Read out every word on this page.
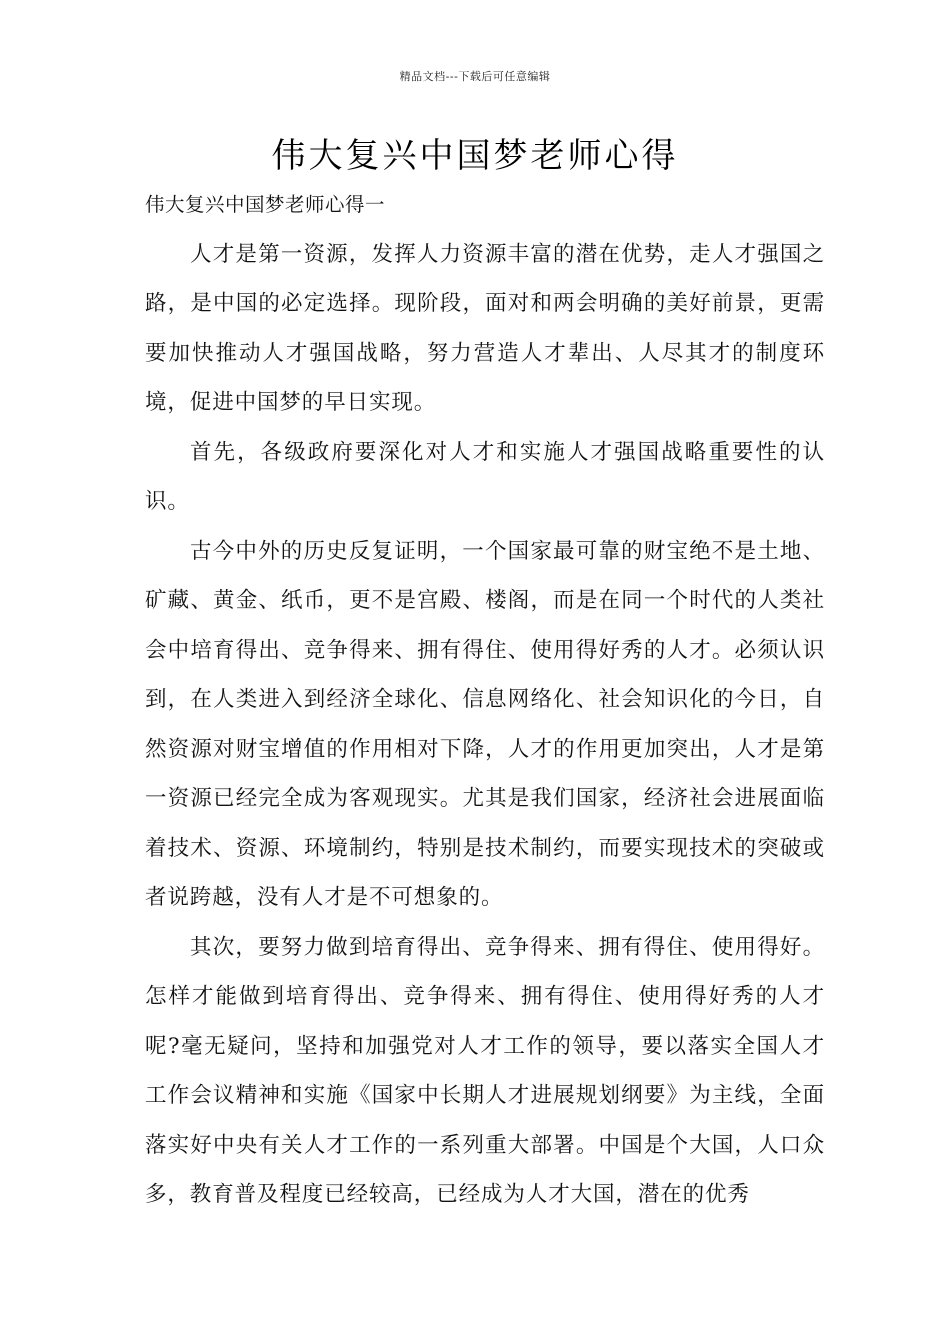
精品文档---下载后可任意编辑
伟大复兴中国梦老师心得

伟大复兴中国梦老师心得一

人才是第一资源，发挥人力资源丰富的潜在优势，走人才强国之路，是中国的必定选择。现阶段，面对和两会明确的美好前景，更需要加快推动人才强国战略，努力营造人才辈出、人尽其才的制度环境，促进中国梦的早日实现。

首先，各级政府要深化对人才和实施人才强国战略重要性的认识。

古今中外的历史反复证明，一个国家最可靠的财宝绝不是土地、矿藏、黄金、纸币，更不是宫殿、楼阁，而是在同一个时代的人类社会中培育得出、竞争得来、拥有得住、使用得好秀的人才。必须认识到，在人类进入到经济全球化、信息网络化、社会知识化的今日，自然资源对财宝增值的作用相对下降，人才的作用更加突出，人才是第一资源已经完全成为客观现实。尤其是我们国家，经济社会进展面临着技术、资源、环境制约，特别是技术制约，而要实现技术的突破或者说跨越，没有人才是不可想象的。

其次，要努力做到培育得出、竞争得来、拥有得住、使用得好。怎样才能做到培育得出、竞争得来、拥有得住、使用得好秀的人才呢?毫无疑问，坚持和加强党对人才工作的领导，要以落实全国人才工作会议精神和实施《国家中长期人才进展规划纲要》为主线，全面落实好中央有关人才工作的一系列重大部署。中国是个大国，人口众多，教育普及程度已经较高，已经成为人才大国，潜在的优秀
